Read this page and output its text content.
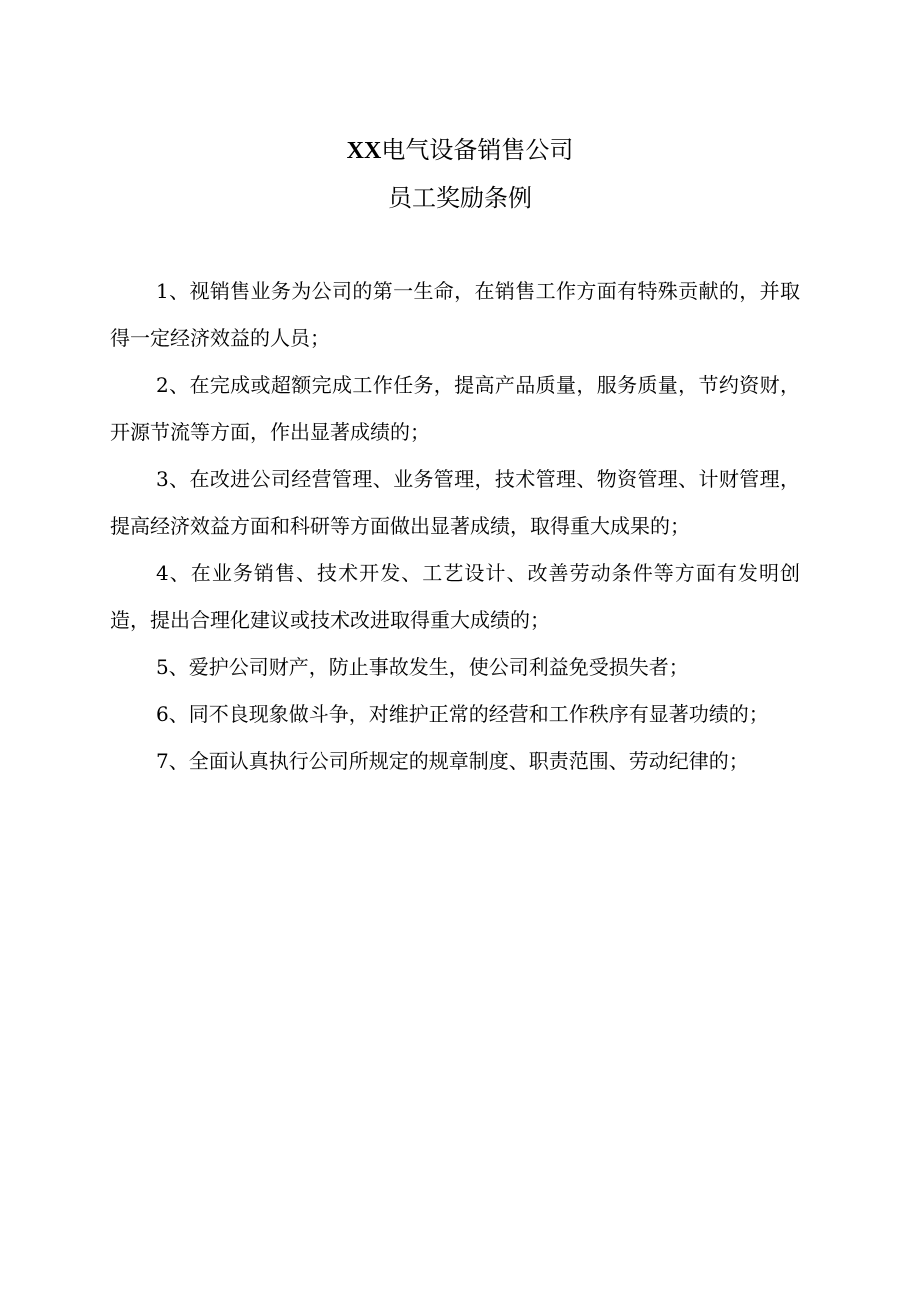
XX电气设备销售公司
员工奖励条例

1、视销售业务为公司的第一生命，在销售工作方面有特殊贡献的，并取得一定经济效益的人员；

2、在完成或超额完成工作任务，提高产品质量，服务质量，节约资财，开源节流等方面，作出显著成绩的；

3、在改进公司经营管理、业务管理，技术管理、物资管理、计财管理，提高经济效益方面和科研等方面做出显著成绩，取得重大成果的；

4、在业务销售、技术开发、工艺设计、改善劳动条件等方面有发明创造，提出合理化建议或技术改进取得重大成绩的；

5、爱护公司财产，防止事故发生，使公司利益免受损失者；

6、同不良现象做斗争，对维护正常的经营和工作秩序有显著功绩的；

7、全面认真执行公司所规定的规章制度、职责范围、劳动纪律的；
